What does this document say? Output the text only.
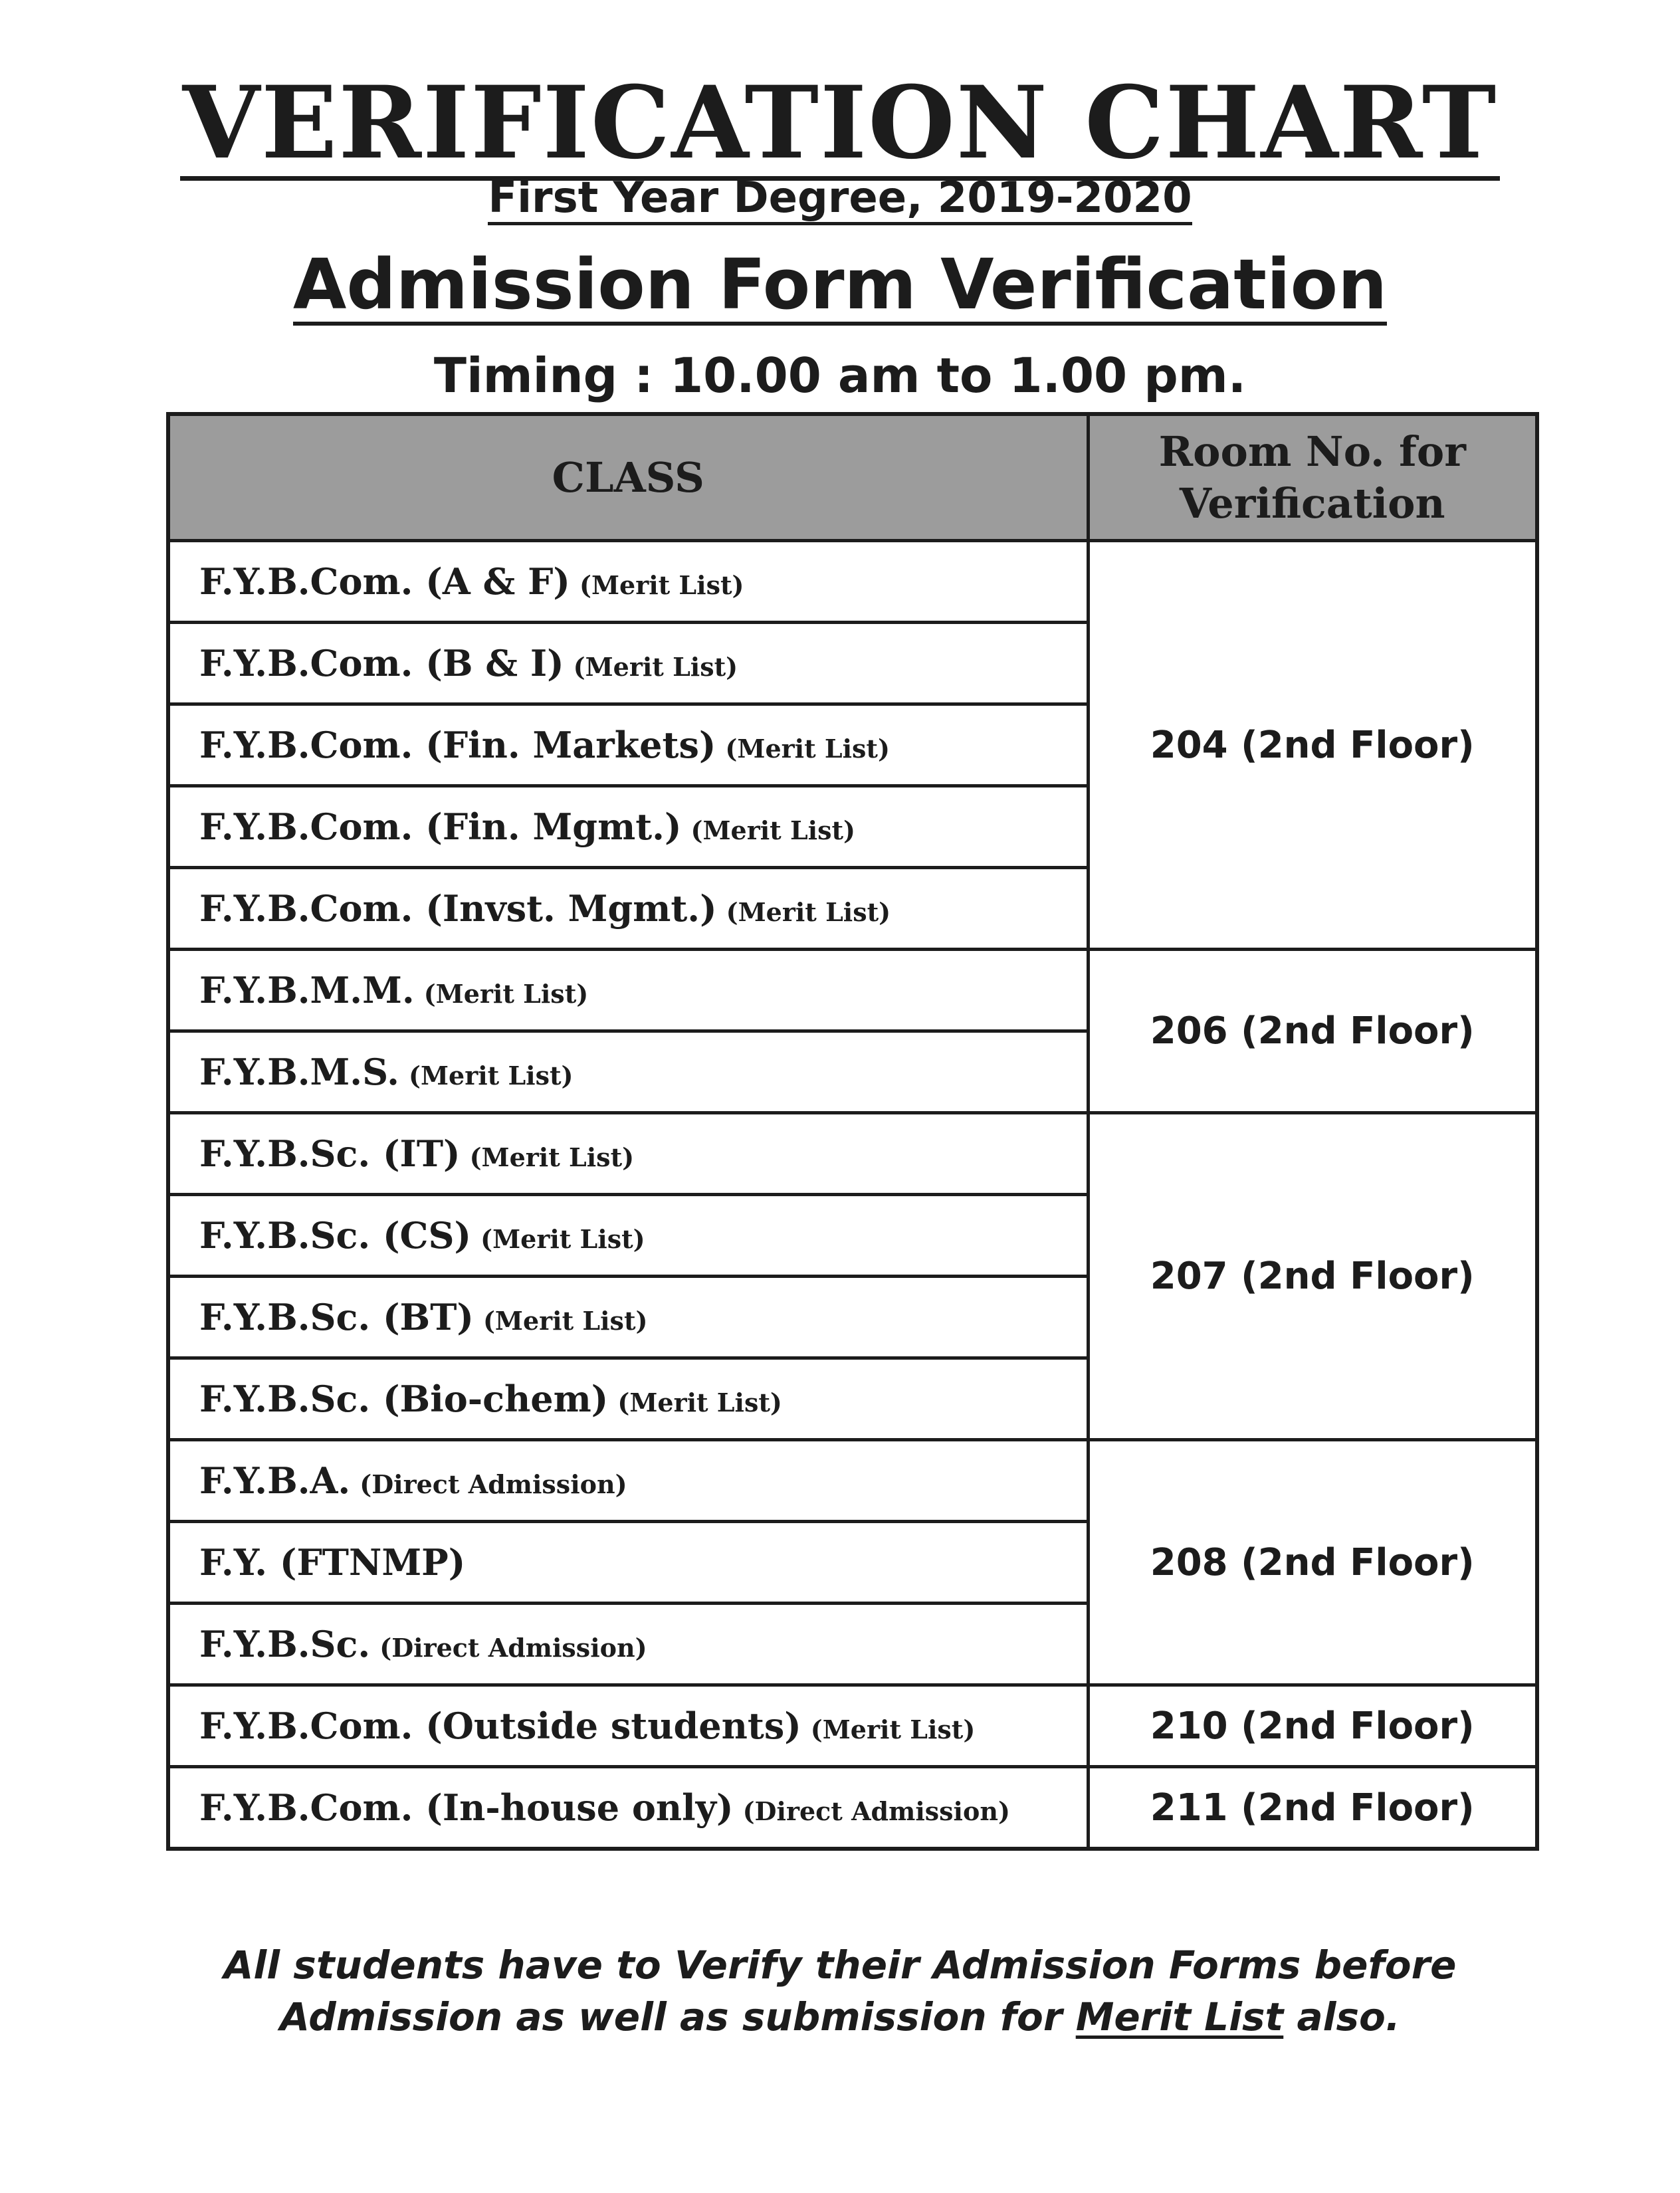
VERIFICATION CHART
First Year Degree, 2019-2020
Admission Form Verification
Timing : 10.00 am to 1.00 pm.
CLASS	Room No. for
Verification

F.Y.B.Com. (A & F) (Merit List)	204 (2nd Floor)
F.Y.B.Com. (B & I) (Merit List)	
F.Y.B.Com. (Fin. Markets) (Merit List)	
F.Y.B.Com. (Fin. Mgmt.) (Merit List)	
F.Y.B.Com. (Invst. Mgmt.) (Merit List)	
F.Y.B.M.M. (Merit List)	206 (2nd Floor)
F.Y.B.M.S. (Merit List)	
F.Y.B.Sc. (IT) (Merit List)	207 (2nd Floor)
F.Y.B.Sc. (CS) (Merit List)	
F.Y.B.Sc. (BT) (Merit List)	
F.Y.B.Sc. (Bio-chem) (Merit List)	
F.Y.B.A. (Direct Admission)	208 (2nd Floor)
F.Y. (FTNMP)	
F.Y.B.Sc. (Direct Admission)	
F.Y.B.Com. (Outside students) (Merit List)	210 (2nd Floor)
F.Y.B.Com. (In-house only) (Direct Admission)	211 (2nd Floor)
All students have to Verify their Admission Forms before
Admission as well as submission for Merit List also.
